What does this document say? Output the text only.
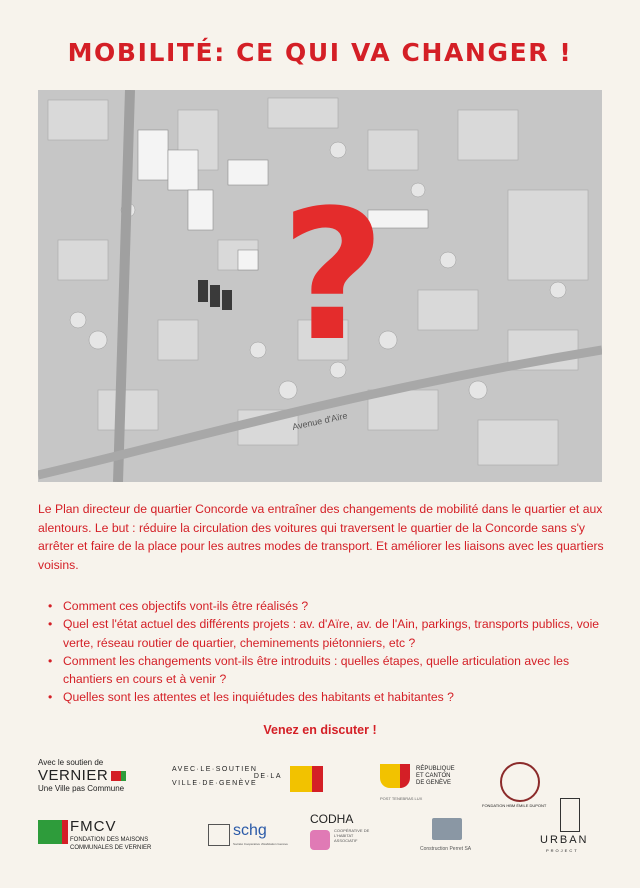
MOBILITÉ: CE QUI VA CHANGER !
Avenue d'Aïre
?

Le Plan directeur de quartier Concorde va entraîner des changements de mobilité dans le quartier et aux alentours. Le but : réduire la circulation des voitures qui traversent le quartier de la Concorde sans s'y arrêter et faire de la place pour les autres modes de transport. Et améliorer les liaisons avec les quartiers voisins.

• Comment ces objectifs vont-ils être réalisés ?
• Quel est l'état actuel des différents projets : av. d'Aïre, av. de l'Ain, parkings, transports publics, voie verte, réseau routier de quartier, cheminements piétonniers, etc ?
• Comment les changements vont-ils être introduits : quelles étapes, quelle articulation avec les chantiers en cours et à venir ?
• Quelles sont les attentes et les inquiétudes des habitants et habitantes ?

Venez en discuter !

Avec le soutien de
VERNIER
Une Ville pas Commune
AVEC·LE·SOUTIEN
DE·LA
VILLE·DE·GENÈVE
RÉPUBLIQUE
ET CANTON
DE GENÈVE
POST TENEBRAS LUX
FONDATION HBM ÉMILE DUPONT
FMCV
FONDATION DES MAISONS
COMMUNALES DE VERNIER
schg
Société Coopérative d'Habitation Genève
CODHA
COOPÉRATIVE DE L'HABITAT ASSOCIATIF
Construction Perret SA
URBAN
PROJECT
